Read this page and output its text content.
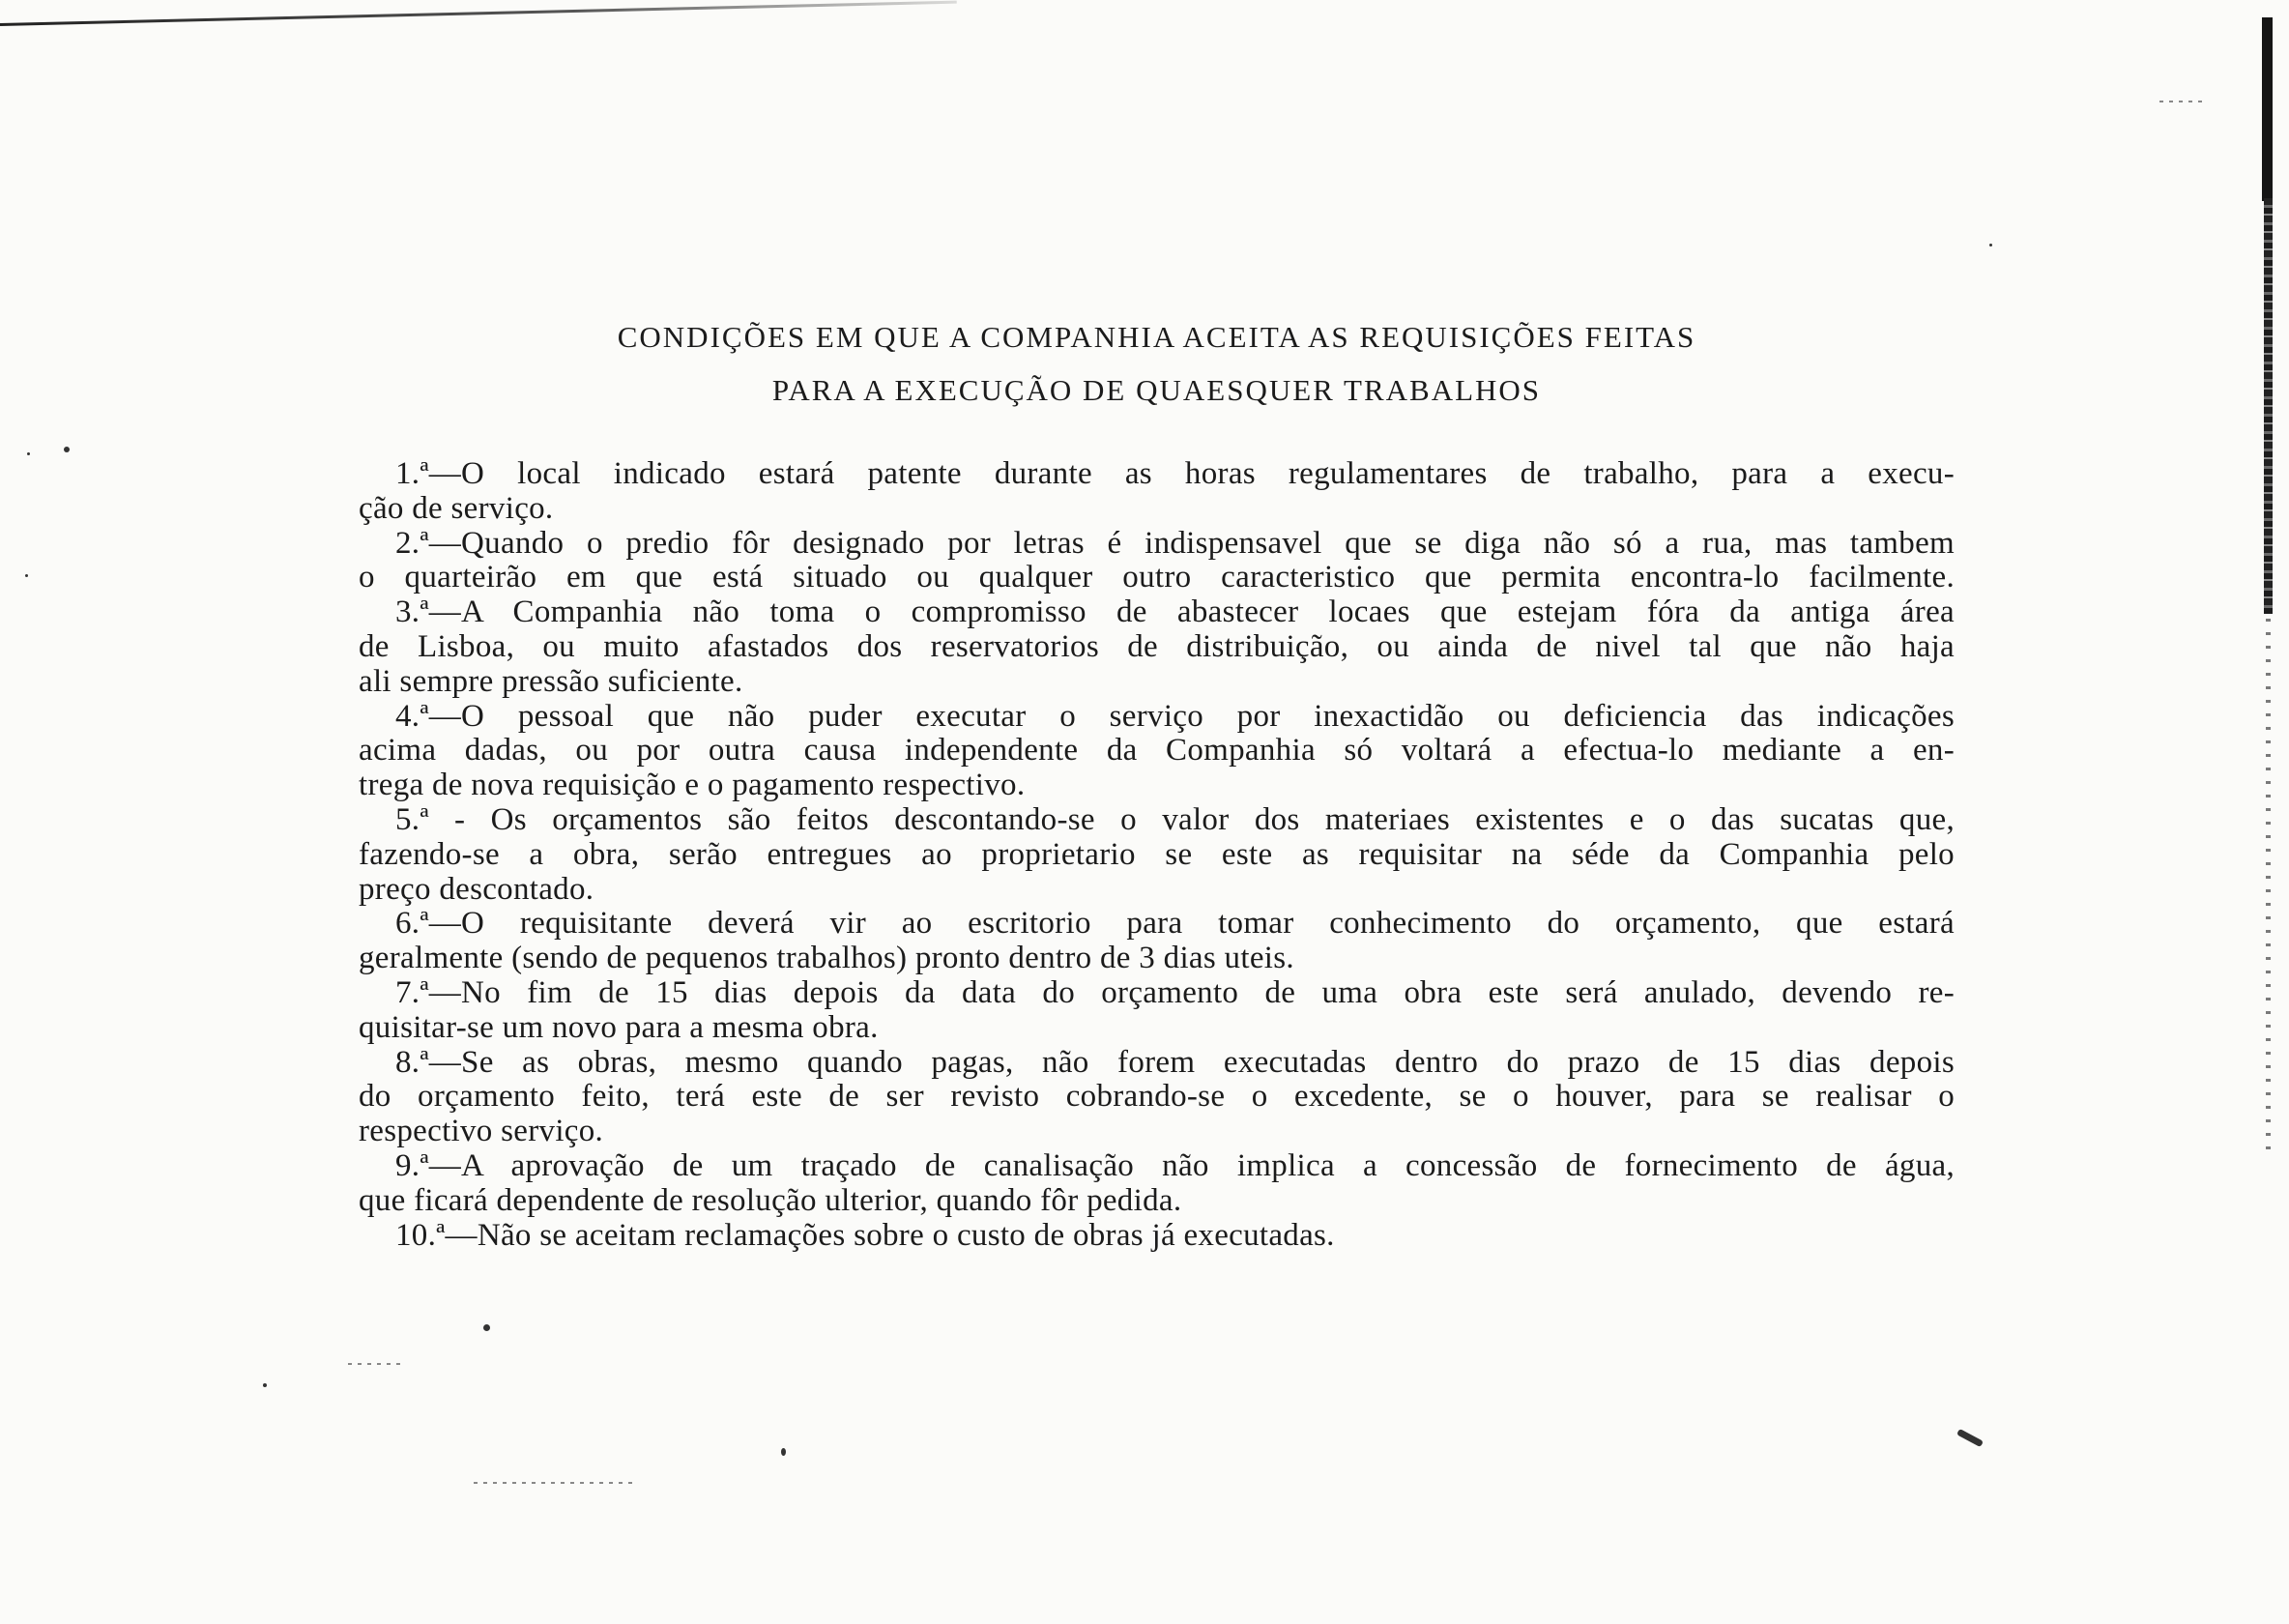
CONDIÇÕES EM QUE A COMPANHIA ACEITA AS REQUISIÇÕES FEITAS
PARA A EXECUÇÃO DE QUAESQUER TRABALHOS
1.ª—O local indicado estará patente durante as horas regulamentares de trabalho, para a execu-
ção de serviço.
2.ª—Quando o predio fôr designado por letras é indispensavel que se diga não só a rua, mas tambem
o quarteirão em que está situado ou qualquer outro caracteristico que permita encontra-lo facilmente.
3.ª—A Companhia não toma o compromisso de abastecer locaes que estejam fóra da antiga área
de Lisboa, ou muito afastados dos reservatorios de distribuição, ou ainda de nivel tal que não haja
ali sempre pressão suficiente.
4.ª—O pessoal que não puder executar o serviço por inexactidão ou deficiencia das indicações
acima dadas, ou por outra causa independente da Companhia só voltará a efectua-lo mediante a en-
trega de nova requisição e o pagamento respectivo.
5.ª - Os orçamentos são feitos descontando-se o valor dos materiaes existentes e o das sucatas que,
fazendo-se a obra, serão entregues ao proprietario se este as requisitar na séde da Companhia pelo
preço descontado.
6.ª—O requisitante deverá vir ao escritorio para tomar conhecimento do orçamento, que estará
geralmente (sendo de pequenos trabalhos) pronto dentro de 3 dias uteis.
7.ª—No fim de 15 dias depois da data do orçamento de uma obra este será anulado, devendo re-
quisitar-se um novo para a mesma obra.
8.ª—Se as obras, mesmo quando pagas, não forem executadas dentro do prazo de 15 dias depois
do orçamento feito, terá este de ser revisto cobrando-se o excedente, se o houver, para se realisar o
respectivo serviço.
9.ª—A aprovação de um traçado de canalisação não implica a concessão de fornecimento de água,
que ficará dependente de resolução ulterior, quando fôr pedida.
10.ª—Não se aceitam reclamações sobre o custo de obras já executadas.
